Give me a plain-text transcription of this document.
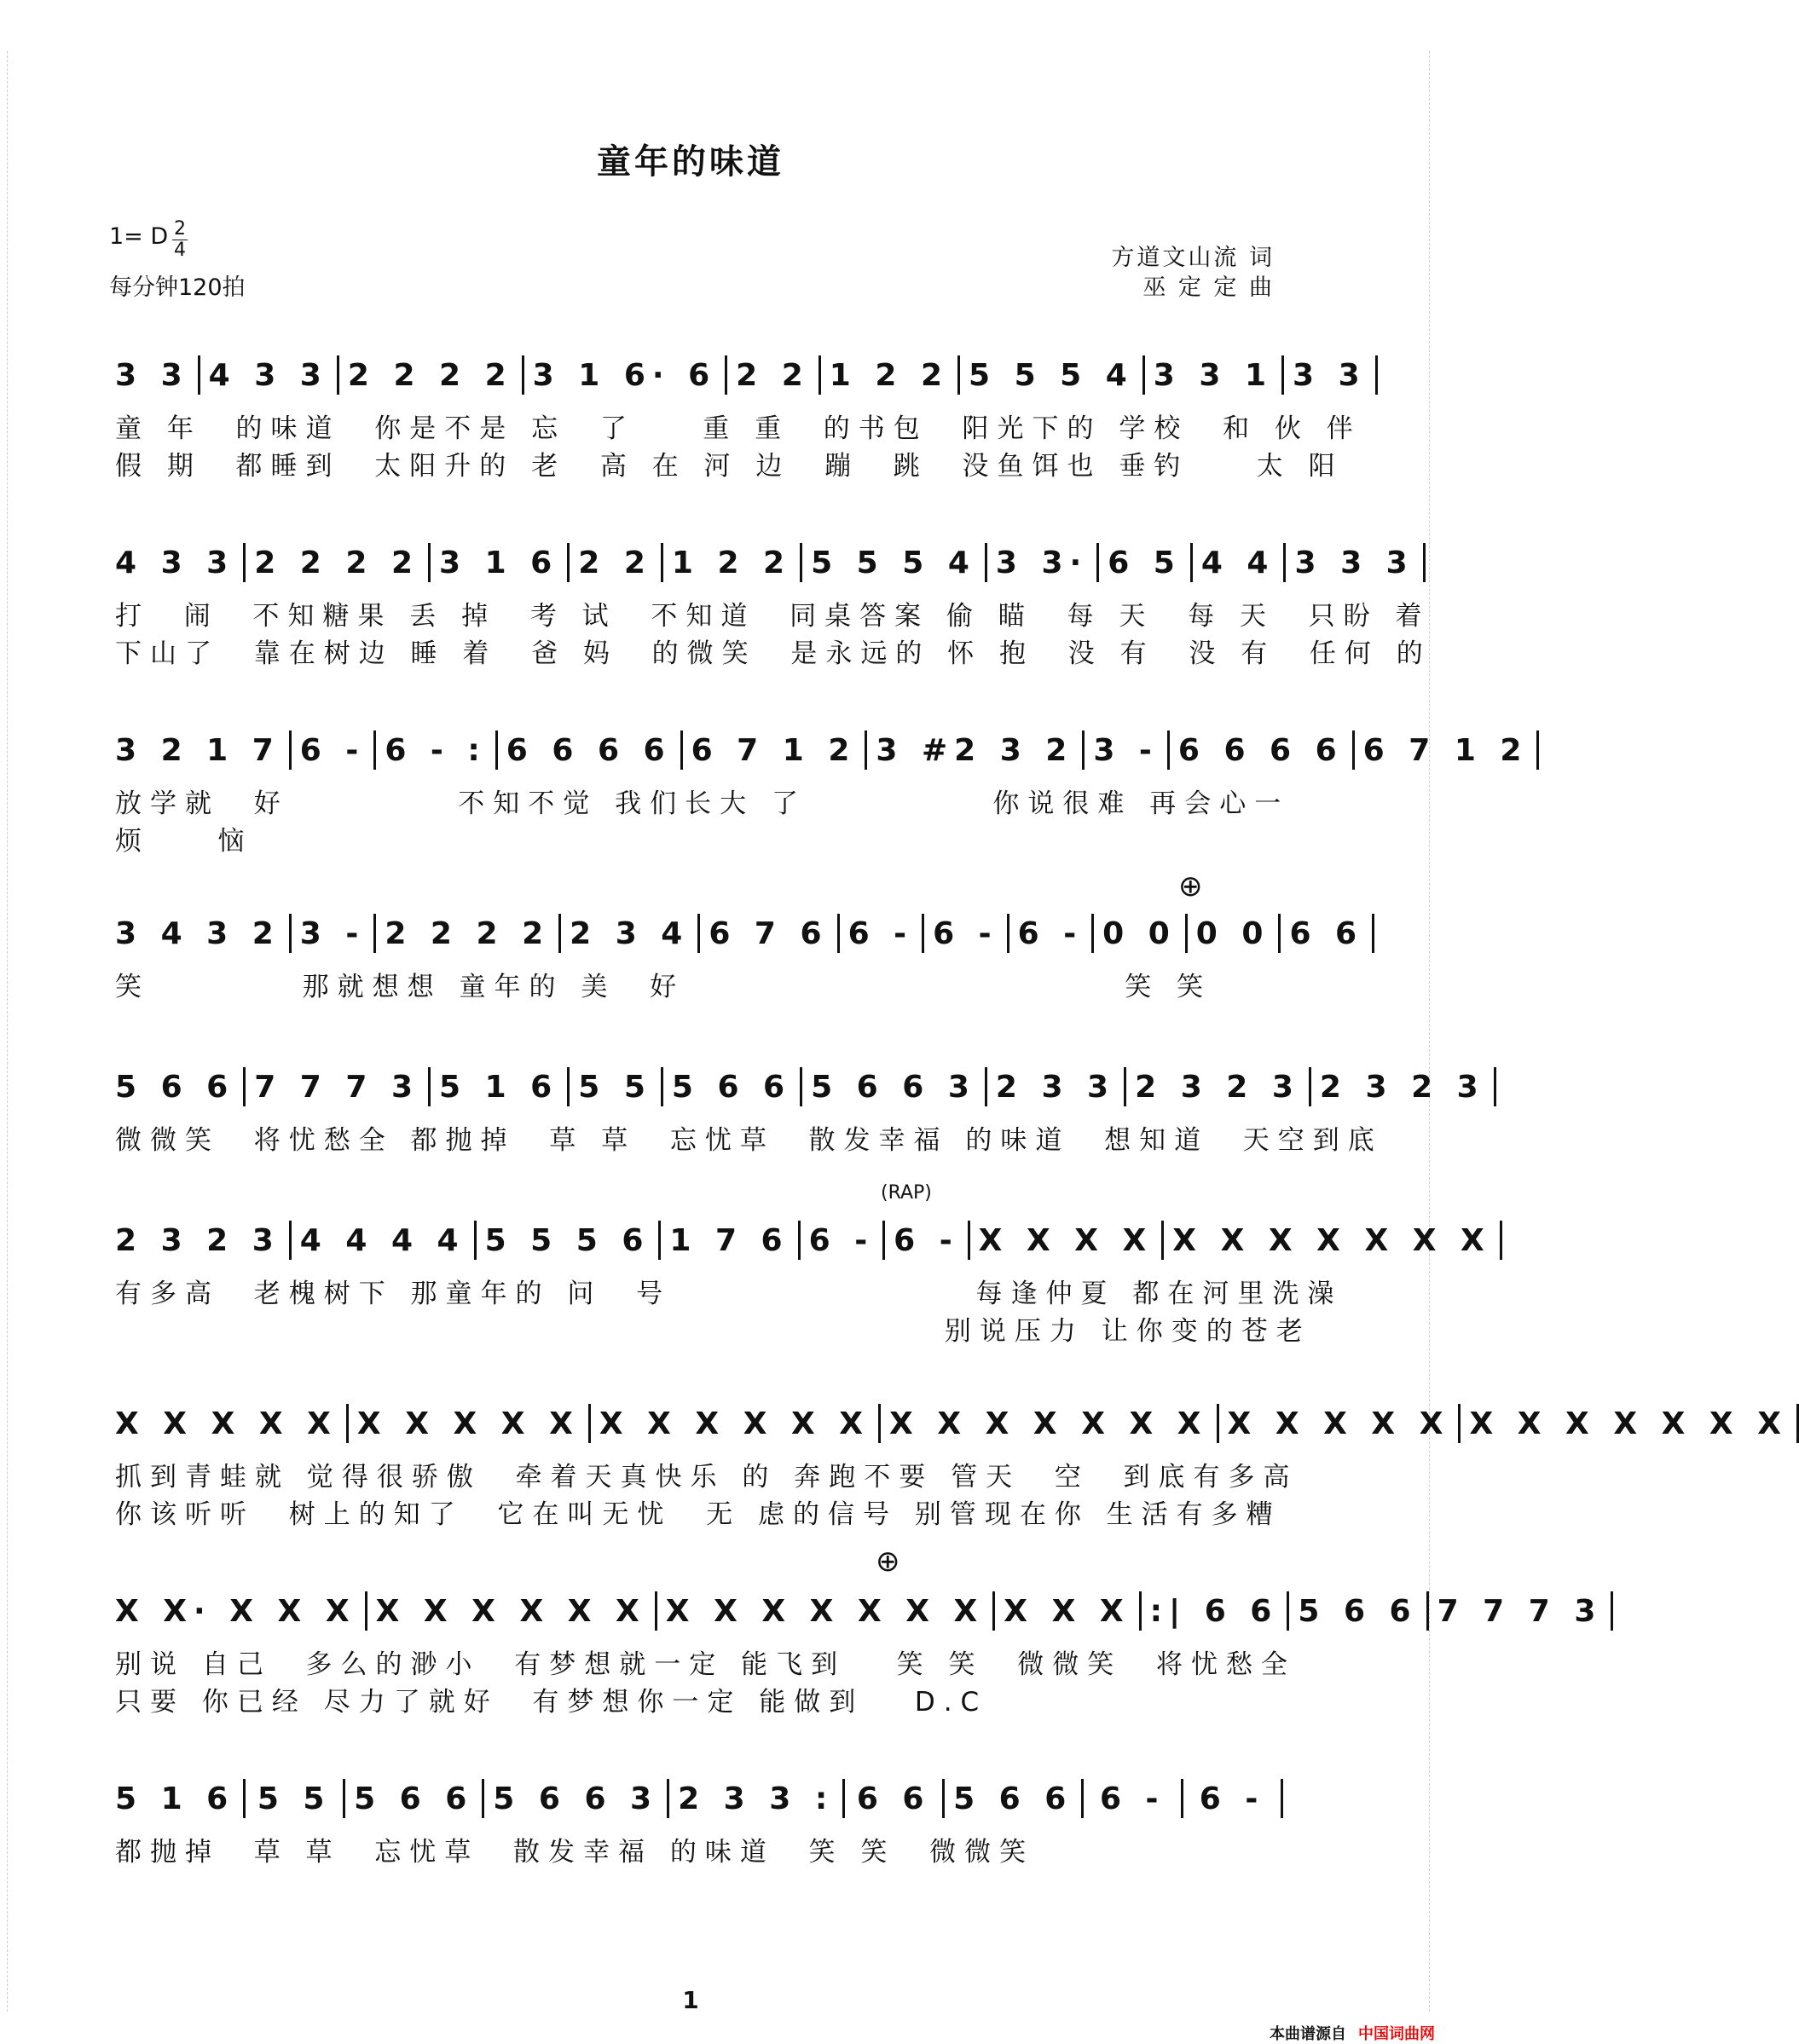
童年的味道
1= D 2
4
每分钟120拍
方道文山流 词
巫 定 定 曲
3 3 4 3 3 2 2 2 2 3 1 6· 6 2 2 1 2 2 5 5 5 4 3 3 1 3 3
童 年  的味道  你是不是 忘  了    重 重  的书包  阳光下的 学校  和 伙 伴
假 期  都睡到  太阳升的 老  高 在 河 边  蹦  跳  没鱼饵也 垂钓    太 阳
4 3 3 2 2 2 2 3 1 6 2 2 1 2 2 5 5 5 4 3 3· 6 5 4 4 3 3 3
打  闹  不知糖果 丢 掉  考 试  不知道  同桌答案 偷 瞄  每 天  每 天  只盼 着
下山了  靠在树边 睡 着  爸 妈  的微笑  是永远的 怀 抱  没 有  没 有  任何 的
3 2 1 7 6 - 6 - : 6 6 6 6 6 7 1 2 3 #2 3 2 3 - 6 6 6 6 6 7 1 2
放学就  好          不知不觉 我们长大 了           你说很难 再会心一
烦    恼
3 4 3 2 3 - 2 2 2 2 2 3 4 6 7 6 6 - 6 - 6 - 0 0 0 0 6 6
笑         那就想想 童年的 美  好                          笑 笑
5 6 6 7 7 7 3 5 1 6 5 5 5 6 6 5 6 6 3 2 3 3 2 3 2 3 2 3 2 3
微微笑  将忧愁全 都抛掉  草 草  忘忧草  散发幸福 的味道  想知道  天空到底
2 3 2 3 4 4 4 4 5 5 5 6 1 7 6 6 - 6 - X X X X X X X X X X X
有多高  老槐树下 那童年的 问  号                  每逢仲夏 都在河里洗澡
别说压力 让你变的苍老
X X X X X X X X X X X X X X X X X X X X X X X X X X X X X X X X X X X
抓到青蛙就 觉得很骄傲  牵着天真快乐 的 奔跑不要 管天  空  到底有多高
你该听听  树上的知了  它在叫无忧  无 虑的信号 别管现在你 生活有多糟
X X· X X X X X X X X X X X X X X X X X X X :| 6 6 5 6 6 7 7 7 3
别说 自己  多么的渺小  有梦想就一定 能飞到   笑 笑  微微笑  将忧愁全
只要 你已经 尽力了就好  有梦想你一定 能做到   D.C
5 1 6 5 5 5 6 6 5 6 6 3 2 3 3 : 6 6 5 6 6 6 -	6 -
都抛掉  草 草  忘忧草  散发幸福 的味道  笑 笑  微微笑
(RAP)
⊕
⊕
1
本曲谱源自 中国词曲网
